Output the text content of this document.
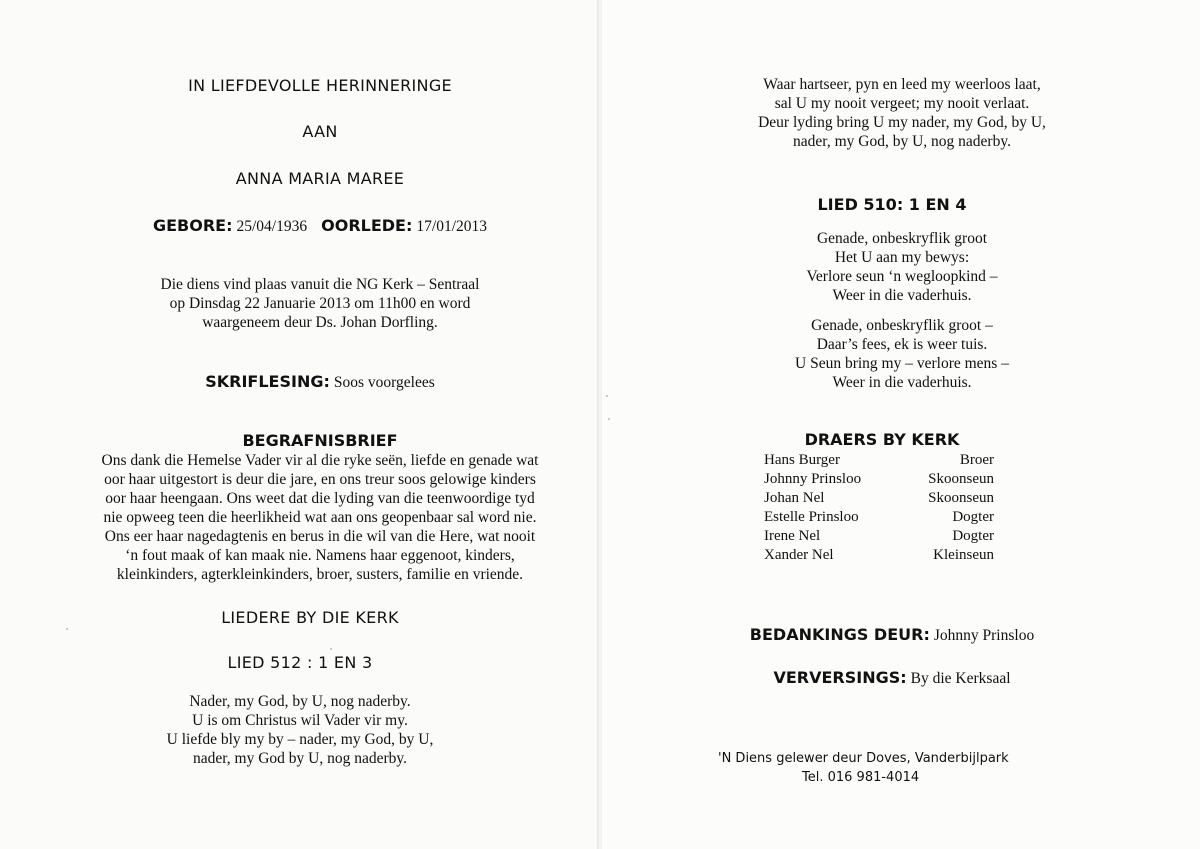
IN LIEFDEVOLLE HERINNERINGE
AAN
ANNA MARIA MAREE
GEBORE: 25/04/1936 OORLEDE: 17/01/2013
Die diens vind plaas vanuit die NG Kerk – Sentraal
op Dinsdag 22 Januarie 2013 om 11h00 en word
waargeneem deur Ds. Johan Dorfling.
SKRIFLESING: Soos voorgelees
BEGRAFNISBRIEF
Ons dank die Hemelse Vader vir al die ryke seën, liefde en genade wat
oor haar uitgestort is deur die jare, en ons treur soos gelowige kinders
oor haar heengaan. Ons weet dat die lyding van die teenwoordige tyd
nie opweeg teen die heerlikheid wat aan ons geopenbaar sal word nie.
Ons eer haar nagedagtenis en berus in die wil van die Here, wat nooit
‘n fout maak of kan maak nie. Namens haar eggenoot, kinders,
kleinkinders, agterkleinkinders, broer, susters, familie en vriende.
LIEDERE BY DIE KERK
LIED 512 : 1 EN 3
Nader, my God, by U, nog naderby.
U is om Christus wil Vader vir my.
U liefde bly my by – nader, my God, by U,
nader, my God by U, nog naderby.
Waar hartseer, pyn en leed my weerloos laat,
sal U my nooit vergeet; my nooit verlaat.
Deur lyding bring U my nader, my God, by U,
nader, my God, by U, nog naderby.
LIED 510: 1 EN 4
Genade, onbeskryflik groot
Het U aan my bewys:
Verlore seun ‘n wegloopkind –
Weer in die vaderhuis.
Genade, onbeskryflik groot –
Daar’s fees, ek is weer tuis.
U Seun bring my – verlore mens –
Weer in die vaderhuis.
DRAERS BY KERK
Hans Burger	Broer
Johnny Prinsloo	Skoonseun
Johan Nel	Skoonseun
Estelle Prinsloo	Dogter
Irene Nel	Dogter
Xander Nel	Kleinseun
BEDANKINGS DEUR: Johnny Prinsloo
VERVERSINGS: By die Kerksaal
'N Diens gelewer deur Doves, Vanderbijlpark
Tel. 016 981-4014
